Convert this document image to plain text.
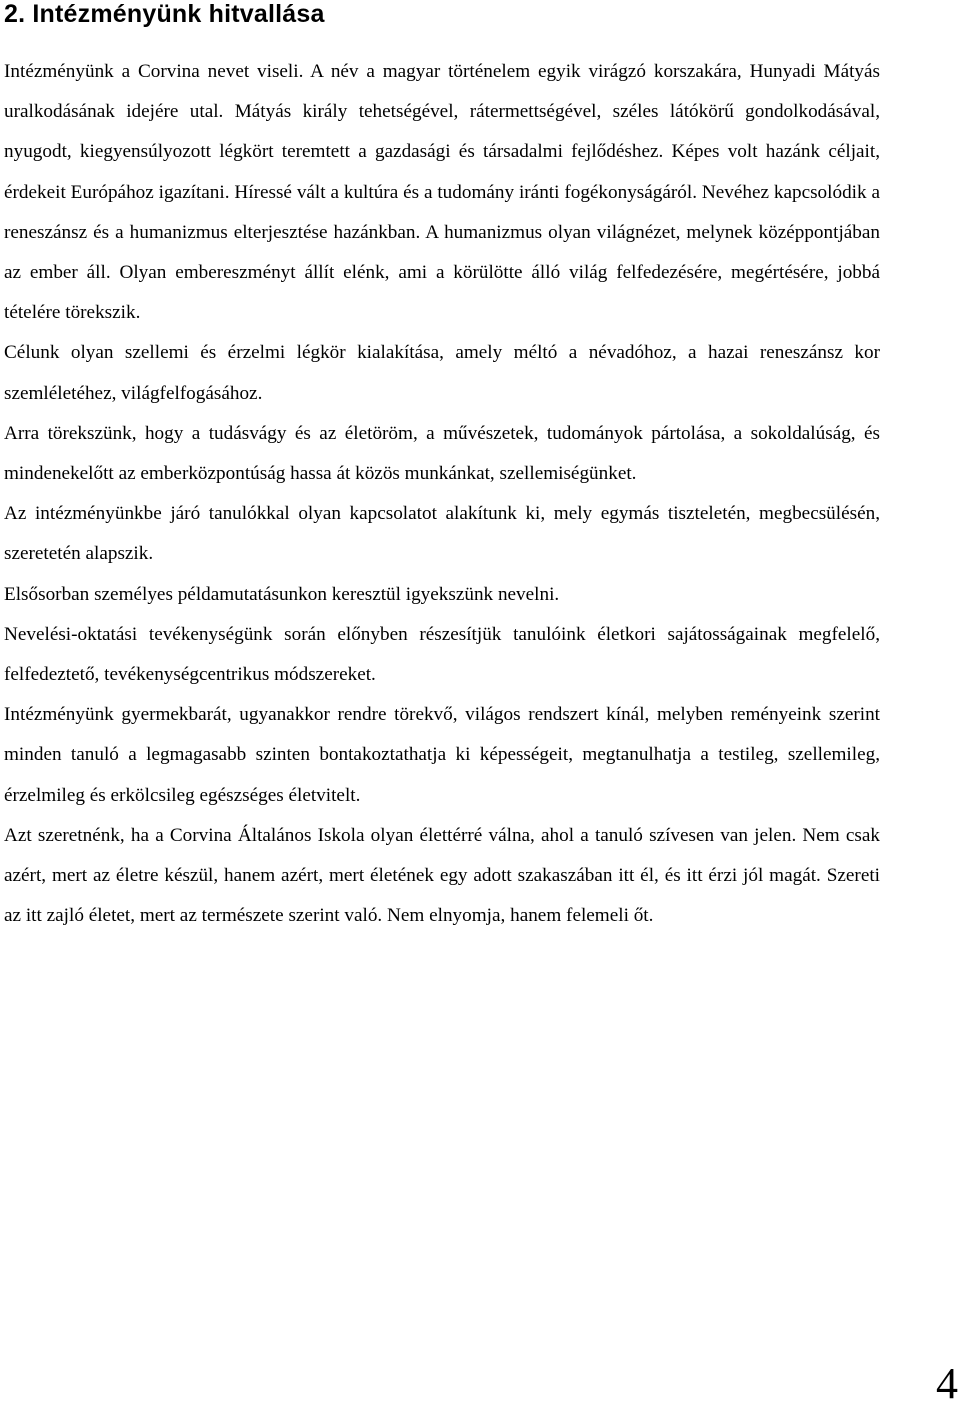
2. Intézményünk hitvallása

Intézményünk a Corvina nevet viseli. A név a magyar történelem egyik virágzó korszakára, Hunyadi Mátyás uralkodásának idejére utal. Mátyás király tehetségével, rátermettségével, széles látókörű gondolkodásával, nyugodt, kiegyensúlyozott légkört teremtett a gazdasági és társadalmi fejlődéshez. Képes volt hazánk céljait, érdekeit Európához igazítani. Híressé vált a kultúra és a tudomány iránti fogékonyságáról. Nevéhez kapcsolódik a reneszánsz és a humanizmus elterjesztése hazánkban. A humanizmus olyan világnézet, melynek középpontjában az ember áll. Olyan embereszményt állít elénk, ami a körülötte álló világ felfedezésére, megértésére, jobbá tételére törekszik.

Célunk olyan szellemi és érzelmi légkör kialakítása, amely méltó a névadóhoz, a hazai reneszánsz kor szemléletéhez, világfelfogásához.

Arra törekszünk, hogy a tudásvágy és az életöröm, a művészetek, tudományok pártolása, a sokoldalúság, és mindenekelőtt az emberközpontúság hassa át közös munkánkat, szellemiségünket.

Az intézményünkbe járó tanulókkal olyan kapcsolatot alakítunk ki, mely egymás tiszteletén, megbecsülésén, szeretetén alapszik.

Elsősorban személyes példamutatásunkon keresztül igyekszünk nevelni.

Nevelési-oktatási tevékenységünk során előnyben részesítjük tanulóink életkori sajátosságainak megfelelő, felfedeztető, tevékenységcentrikus módszereket.

Intézményünk gyermekbarát, ugyanakkor rendre törekvő, világos rendszert kínál, melyben reményeink szerint minden tanuló a legmagasabb szinten bontakoztathatja ki képességeit, megtanulhatja a testileg, szellemileg, érzelmileg és erkölcsileg egészséges életvitelt.

Azt szeretnénk, ha a Corvina Általános Iskola olyan élettérré válna, ahol a tanuló szívesen van jelen. Nem csak azért, mert az életre készül, hanem azért, mert életének egy adott szakaszában itt él, és itt érzi jól magát. Szereti az itt zajló életet, mert az természete szerint való. Nem elnyomja, hanem felemeli őt.

4
